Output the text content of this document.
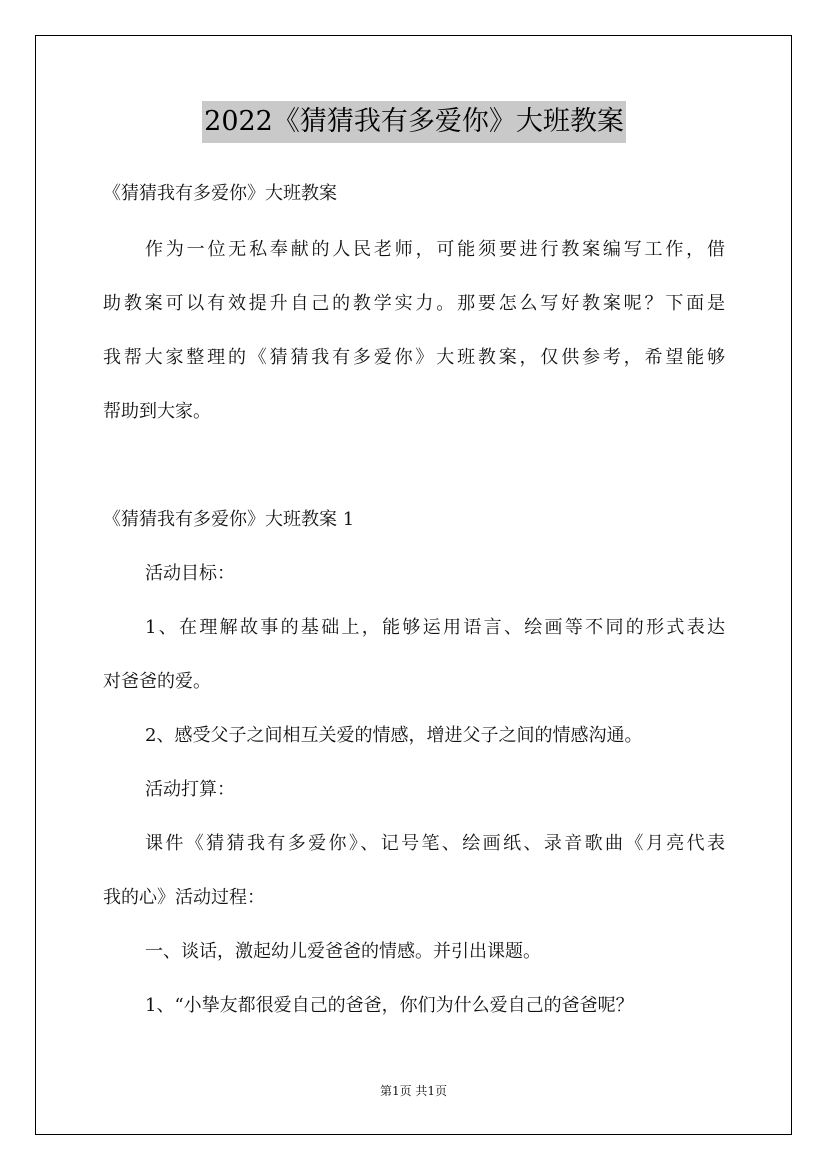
2022《猜猜我有多爱你》大班教案
《猜猜我有多爱你》大班教案
作为一位无私奉献的人民老师，可能须要进行教案编写工作，借
助教案可以有效提升自己的教学实力。那要怎么写好教案呢？下面是
我帮大家整理的《猜猜我有多爱你》大班教案，仅供参考，希望能够
帮助到大家。
《猜猜我有多爱你》大班教案 1
活动目标：
1、在理解故事的基础上，能够运用语言、绘画等不同的形式表达
对爸爸的爱。
2、感受父子之间相互关爱的情感，增进父子之间的情感沟通。
活动打算：
课件《猜猜我有多爱你》、记号笔、绘画纸、录音歌曲《月亮代表
我的心》活动过程：
一、谈话，激起幼儿爱爸爸的情感。并引出课题。
1、“小挚友都很爱自己的爸爸，你们为什么爱自己的爸爸呢？
第1页 共1页
